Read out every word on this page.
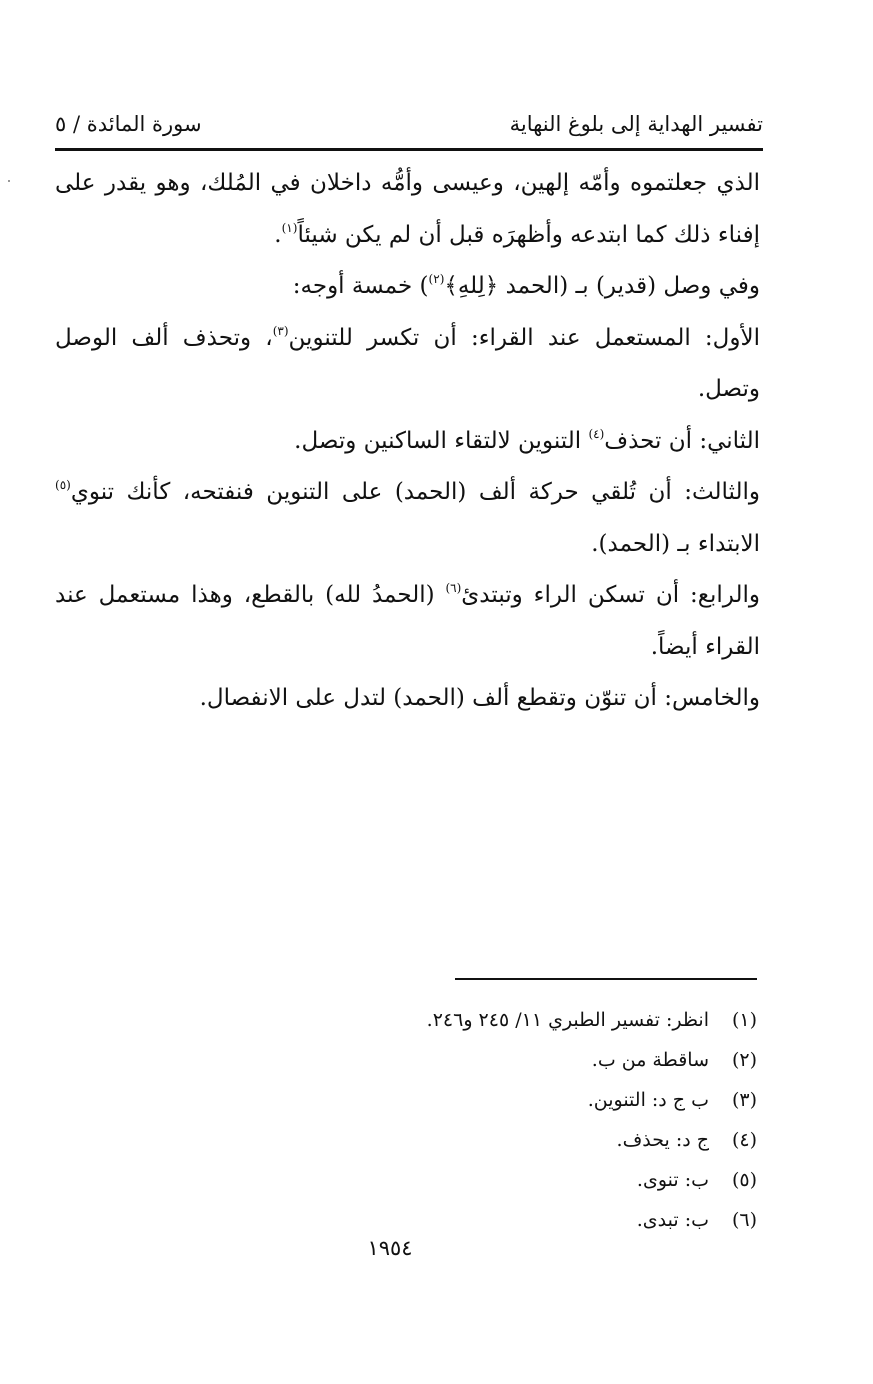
تفسير الهداية إلى بلوغ النهاية
سورة المائدة / ٥

الذي جعلتموه وأمّه إلهين، وعيسى وأمُّه داخلان في المُلك، وهو يقدر على إفناء ذلك كما ابتدعه وأظهرَه قبل أن لم يكن شيئاً$^{(١)}$.

وفي وصل (قدير) بـ (الحمد ﴿لِلهِ﴾$^{(٢)}$) خمسة أوجه:

الأول: المستعمل عند القراء: أن تكسر للتنوين$^{(٣)}$، وتحذف ألف الوصل وتصل.

الثاني: أن تحذف$^{(٤)}$ التنوين لالتقاء الساكنين وتصل.

والثالث: أن تُلقي حركة ألف (الحمد) على التنوين فنفتحه، كأنك تنوي$^{(٥)}$ الابتداء بـ (الحمد).

والرابع: أن تسكن الراء وتبتدئ$^{(٦)}$ (الحمدُ لله) بالقطع، وهذا مستعمل عند القراء أيضاً.

والخامس: أن تنوّن وتقطع ألف (الحمد) لتدل على الانفصال.

(١)
انظر: تفسير الطبري ١١/ ٢٤٥ و٢٤٦.
(٢)
ساقطة من ب.
(٣)
ب ج د: التنوين.
(٤)
ج د: يحذف.
(٥)
ب: تنوى.
(٦)
ب: تبدى.
١٩٥٤
